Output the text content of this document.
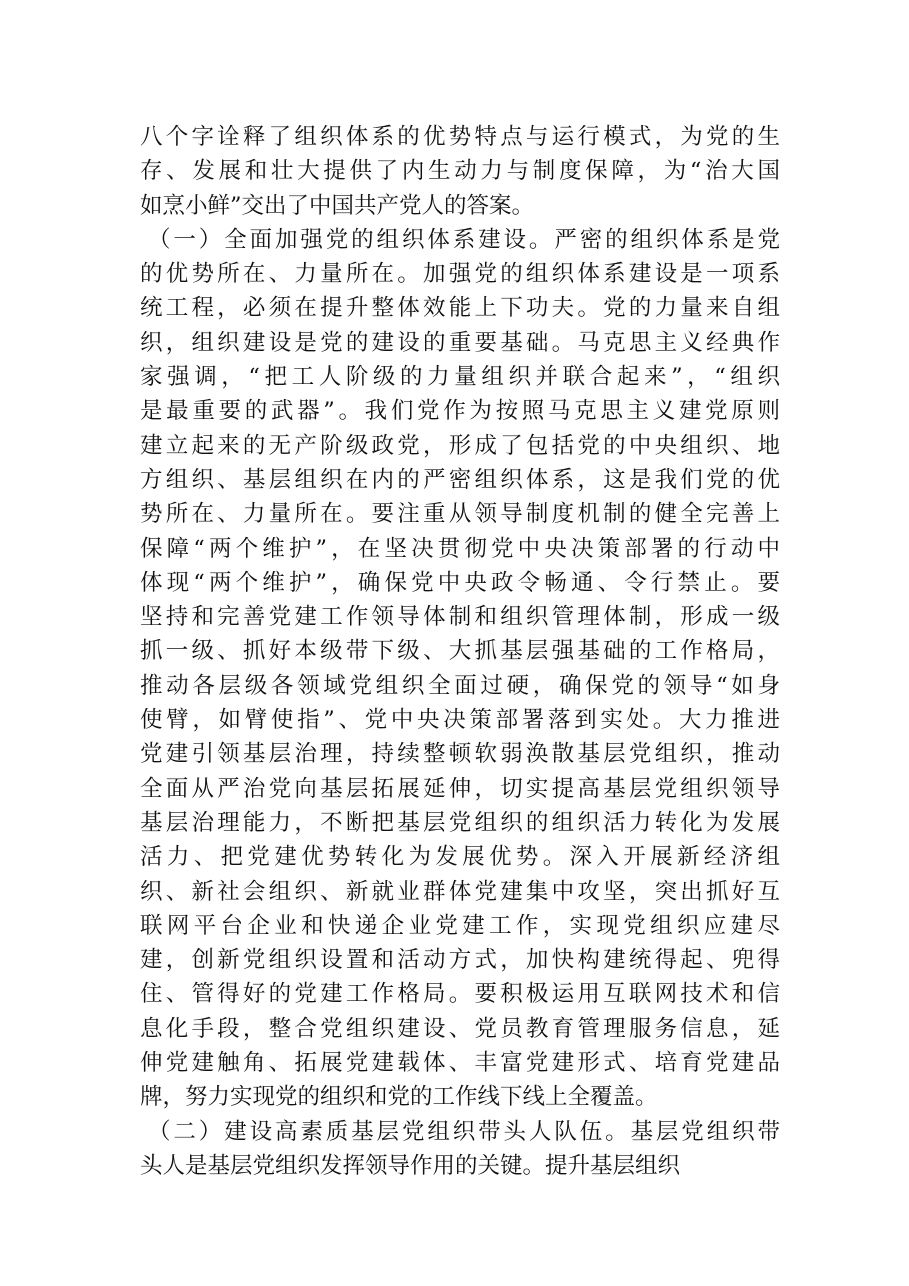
八个字诠释了组织体系的优势特点与运行模式，为党的生
存、发展和壮大提供了内生动力与制度保障，为“治大国
如烹小鲜”交出了中国共产党人的答案。
（一）全面加强党的组织体系建设。严密的组织体系是党
的优势所在、力量所在。加强党的组织体系建设是一项系
统工程，必须在提升整体效能上下功夫。党的力量来自组
织，组织建设是党的建设的重要基础。马克思主义经典作
家强调，“把工人阶级的力量组织并联合起来”，“组织
是最重要的武器”。我们党作为按照马克思主义建党原则
建立起来的无产阶级政党，形成了包括党的中央组织、地
方组织、基层组织在内的严密组织体系，这是我们党的优
势所在、力量所在。要注重从领导制度机制的健全完善上
保障“两个维护”，在坚决贯彻党中央决策部署的行动中
体现“两个维护”，确保党中央政令畅通、令行禁止。要
坚持和完善党建工作领导体制和组织管理体制，形成一级
抓一级、抓好本级带下级、大抓基层强基础的工作格局，
推动各层级各领域党组织全面过硬，确保党的领导“如身
使臂，如臂使指”、党中央决策部署落到实处。大力推进
党建引领基层治理，持续整顿软弱涣散基层党组织，推动
全面从严治党向基层拓展延伸，切实提高基层党组织领导
基层治理能力，不断把基层党组织的组织活力转化为发展
活力、把党建优势转化为发展优势。深入开展新经济组
织、新社会组织、新就业群体党建集中攻坚，突出抓好互
联网平台企业和快递企业党建工作，实现党组织应建尽
建，创新党组织设置和活动方式，加快构建统得起、兜得
住、管得好的党建工作格局。要积极运用互联网技术和信
息化手段，整合党组织建设、党员教育管理服务信息，延
伸党建触角、拓展党建载体、丰富党建形式、培育党建品
牌，努力实现党的组织和党的工作线下线上全覆盖。
（二）建设高素质基层党组织带头人队伍。基层党组织带
头人是基层党组织发挥领导作用的关键。提升基层组织
